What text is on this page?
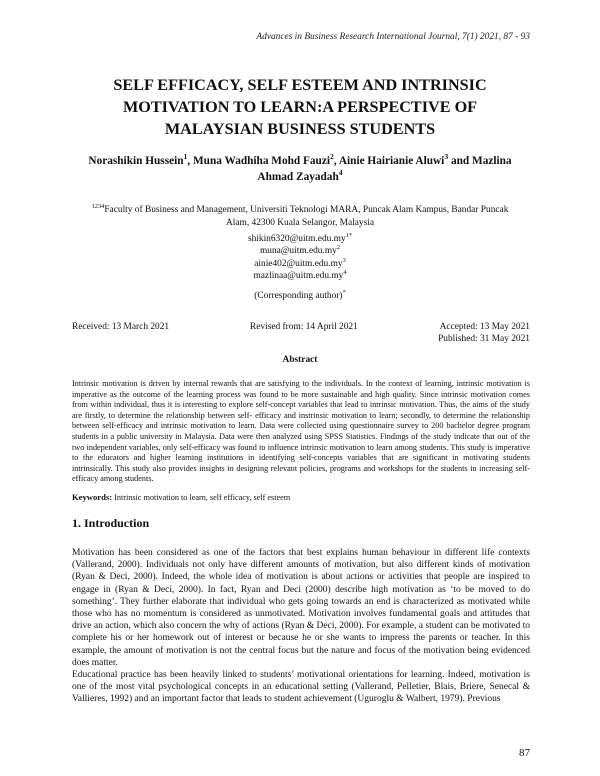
Advances in Business Research International Journal, 7(1) 2021, 87 - 93
SELF EFFICACY, SELF ESTEEM AND INTRINSIC
MOTIVATION TO LEARN:A PERSPECTIVE OF
MALAYSIAN BUSINESS STUDENTS
Norashikin Hussein$^1$, Muna Wadhiha Mohd Fauzi$^2$, Ainie Hairianie Aluwi$^3$ and Mazlina
Ahmad Zayadah$^4$
$^{1234}$Faculty of Business and Management, Universiti Teknologi MARA, Puncak Alam Kampus, Bandar Puncak
Alam, 42300 Kuala Selangor, Malaysia
$shikin6320@uitm.edu.my^{1*}$
$muna@uitm.edu.my^2$
$ainie402@uitm.edu.my^3$
$mazlinaa@uitm.edu.my^4$
(Corresponding author)*
Received: 13 March 2021	Revised from: 14 April 2021	Accepted: 13 May 2021
Published: 31 May 2021
Abstract
Intrinsic motivation is driven by internal rewards that are satisfying to the individuals. In the context of learning, intrinsic motivation is imperative as the outcome of the learning process was found to be more sustainable and high quality. Since intrinsic motivation comes from within individual, thus it is interesting to explore self-concept variables that lead to intrinsic motivation. Thus, the aims of the study are firstly, to determine the relationship between self- efficacy and instrinsic motivation to learn; secondly, to determine the relationship between self-efficacy and intrinsic motivation to learn. Data were collected using questionnaire survey to 200 bachelor degree program students in a public university in Malaysia. Data were then analyzed using SPSS Statistics. Findings of the study indicate that out of the two independent variables, only self-efficacy was found to influence intrinsic motivation to learn among students. This study is imperative to the educators and higher learning institutions in identifying self-concepts variables that are significant in motivating students intrinsically. This study also provides insights in designing relevant policies, programs and workshops for the students in increasing self-efficacy among students.
Keywords: Intrinsic motivation to learn, self efficacy, self esteem
1. Introduction
Motivation has been considered as one of the factors that best explains human behaviour in different life contexts (Vallerand, 2000). Individuals not only have different amounts of motivation, but also different kinds of motivation (Ryan & Deci, 2000). Indeed, the whole idea of motivation is about actions or activities that people are inspired to engage in (Ryan & Deci, 2000). In fact, Ryan and Deci (2000) describe high motivation as ‘to be moved to do something’. They further elaborate that individual who gets going towards an end is characterized as motivated while those who has no momentum is considered as unmotivated. Motivation involves fundamental goals and attitudes that drive an action, which also concern the why of actions (Ryan & Deci, 2000). For example, a student can be motivated to complete his or her homework out of interest or because he or she wants to impress the parents or teacher. In this example, the amount of motivation is not the central focus but the nature and focus of the motivation being evidenced does matter.
Educational practice has been heavily linked to students’ motivational orientations for learning. Indeed, motivation is one of the most vital psychological concepts in an educational setting (Vallerand, Pelletier, Blais, Briere, Senecal & Vallieres, 1992) and an important factor that leads to student achievement (Uguroglu & Walbert, 1979). Previous
87
